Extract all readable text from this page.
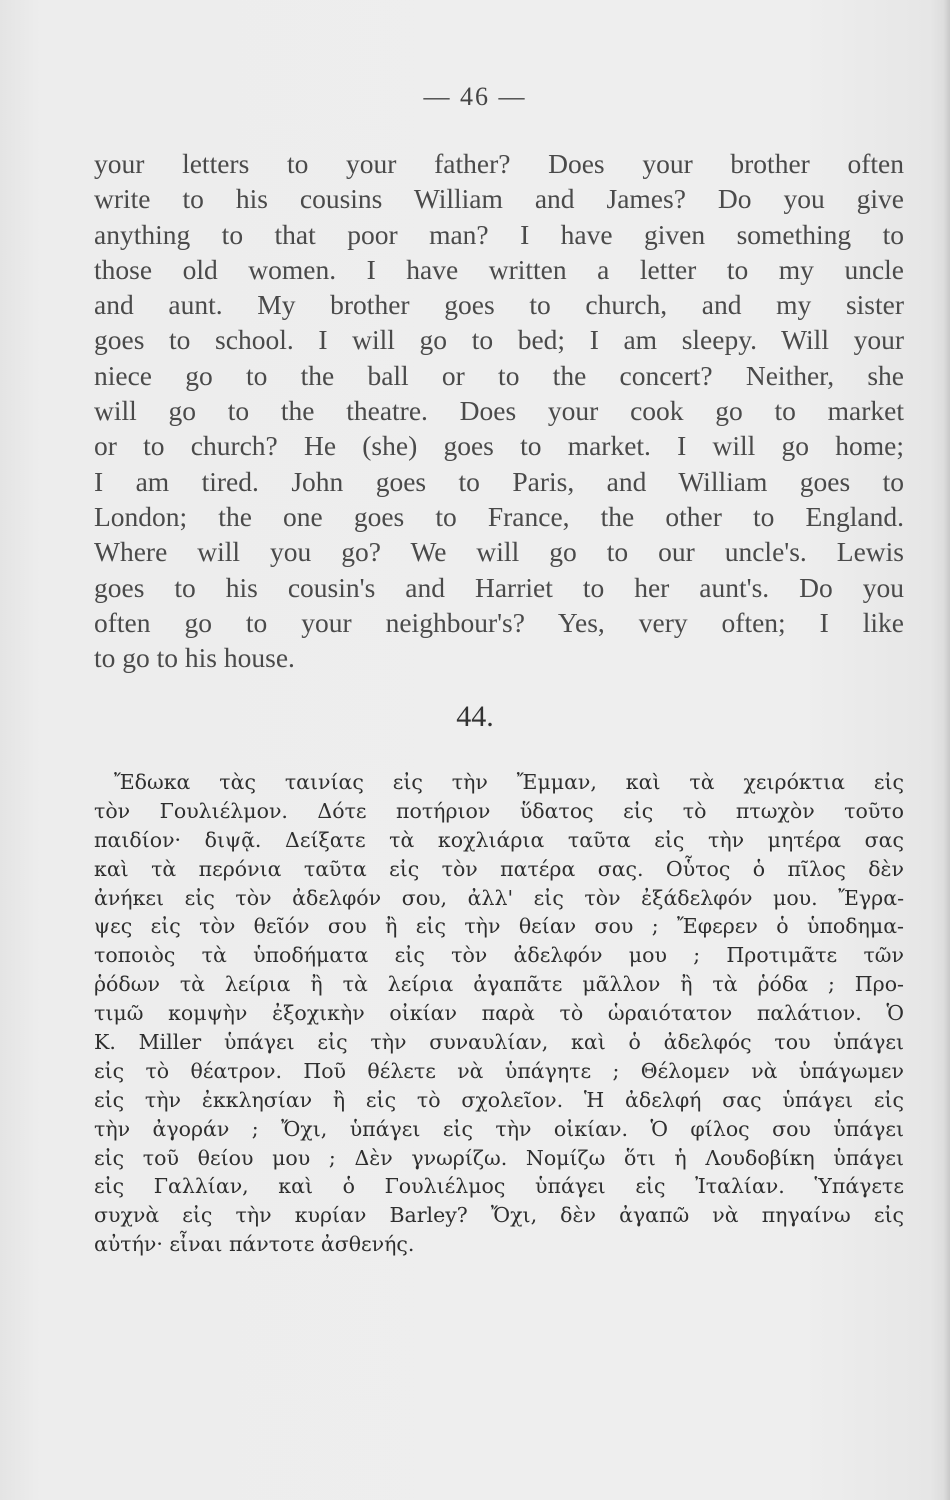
— 46 —
your letters to your father? Does your brother often
write to his cousins William and James? Do you give
anything to that poor man? I have given something to
those old women. I have written a letter to my uncle
and aunt. My brother goes to church, and my sister
goes to school. I will go to bed; I am sleepy. Will your
niece go to the ball or to the concert? Neither, she
will go to the theatre. Does your cook go to market
or to church? He (she) goes to market. I will go home;
I am tired. John goes to Paris, and William goes to
London; the one goes to France, the other to England.
Where will you go? We will go to our uncle's. Lewis
goes to his cousin's and Harriet to her aunt's. Do you
often go to your neighbour's? Yes, very often; I like
to go to his house.
44.
Ἔδωκα τὰς ταινίας εἰς τὴν Ἔμμαν, καὶ τὰ χειρόκτια εἰς
τὸν Γουλιέλμον. Δότε ποτήριον ὕδατος εἰς τὸ πτωχὸν τοῦτο
παιδίον· διψᾷ. Δείξατε τὰ κοχλιάρια ταῦτα εἰς τὴν μητέρα σας
καὶ τὰ περόνια ταῦτα εἰς τὸν πατέρα σας. Οὗτος ὁ πῖλος δὲν
ἀνήκει εἰς τὸν ἀδελφόν σου, ἀλλ' εἰς τὸν ἐξάδελφόν μου. Ἔγρα-
ψες εἰς τὸν θεῖόν σου ἢ εἰς τὴν θείαν σου ; Ἔφερεν ὁ ὑποδημα-
τοποιὸς τὰ ὑποδήματα εἰς τὸν ἀδελφόν μου ; Προτιμᾶτε τῶν
ῥόδων τὰ λείρια ἢ τὰ λείρια ἀγαπᾶτε μᾶλλον ἢ τὰ ῥόδα ; Προ-
τιμῶ κομψὴν ἐξοχικὴν οἰκίαν παρὰ τὸ ὡραιότατον παλάτιον. Ὁ
K. Miller ὑπάγει εἰς τὴν συναυλίαν, καὶ ὁ ἀδελφός του ὑπάγει
εἰς τὸ θέατρον. Ποῦ θέλετε νὰ ὑπάγητε ; Θέλομεν νὰ ὑπάγωμεν
εἰς τὴν ἐκκλησίαν ἢ εἰς τὸ σχολεῖον. Ἡ ἀδελφή σας ὑπάγει εἰς
τὴν ἀγοράν ; Ὄχι, ὑπάγει εἰς τὴν οἰκίαν. Ὁ φίλος σου ὑπάγει
εἰς τοῦ θείου μου ; Δὲν γνωρίζω. Νομίζω ὅτι ἡ Λουδοβίκη ὑπάγει
εἰς Γαλλίαν, καὶ ὁ Γουλιέλμος ὑπάγει εἰς Ἰταλίαν. Ὑπάγετε
συχνὰ εἰς τὴν κυρίαν Barley? Ὄχι, δὲν ἀγαπῶ νὰ πηγαίνω εἰς
αὐτήν· εἶναι πάντοτε ἀσθενής.
